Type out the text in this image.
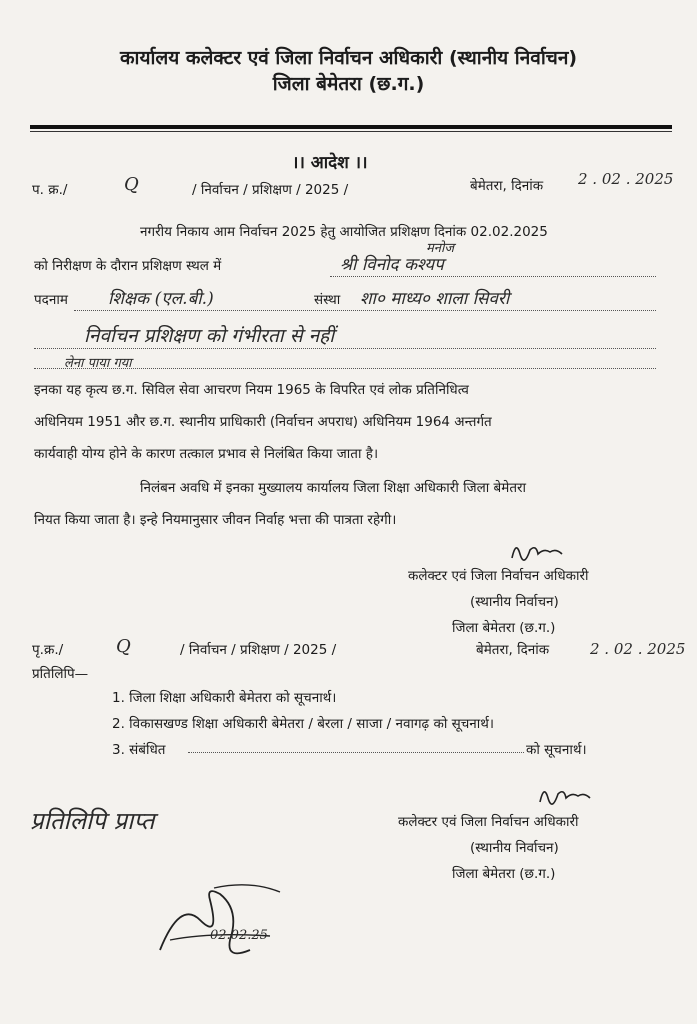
कार्यालय कलेक्टर एवं जिला निर्वाचन अधिकारी (स्थानीय निर्वाचन)
जिला बेमेतरा (छ.ग.)
।। आदेश ।।
प. क्र./	Q	/ निर्वाचन / प्रशिक्षण / 2025 /	बेमेतरा, दिनांक 2 . 02 . 2025
नगरीय निकाय आम निर्वाचन 2025 हेतु आयोजित प्रशिक्षण दिनांक 02.02.2025
को निरीक्षण के दौरान प्रशिक्षण स्थल में
मनोज
श्री विनोद कश्यप
पदनाम शिक्षक (एल.बी.)	संस्था शा० माध्य० शाला सिवरी
निर्वाचन प्रशिक्षण को गंभीरता से नहीं
लेना पाया गया
इनका यह कृत्य छ.ग. सिविल सेवा आचरण नियम 1965 के विपरित एवं लोक प्रतिनिधित्व
अधिनियम 1951 और छ.ग. स्थानीय प्राधिकारी (निर्वाचन अपराध) अधिनियम 1964 अन्तर्गत
कार्यवाही योग्य होने के कारण तत्काल प्रभाव से निलंबित किया जाता है।
निलंबन अवधि में इनका मुख्यालय कार्यालय जिला शिक्षा अधिकारी जिला बेमेतरा
नियत किया जाता है। इन्हे नियमानुसार जीवन निर्वाह भत्ता की पात्रता रहेगी।
कलेक्टर एवं जिला निर्वाचन अधिकारी
(स्थानीय निर्वाचन)
जिला बेमेतरा (छ.ग.)
पृ.क्र./	Q	/ निर्वाचन / प्रशिक्षण / 2025 /	बेमेतरा, दिनांक	2 . 02 . 2025
प्रतिलिपि—
1. जिला शिक्षा अधिकारी बेमेतरा को सूचनार्थ।
2. विकासखण्ड शिक्षा अधिकारी बेमेतरा / बेरला / साजा / नवागढ़ को सूचनार्थ।
3. संबंधित	को सूचनार्थ।
कलेक्टर एवं जिला निर्वाचन अधिकारी
(स्थानीय निर्वाचन)
जिला बेमेतरा (छ.ग.)
प्रतिलिपि प्राप्त
02.02.25
